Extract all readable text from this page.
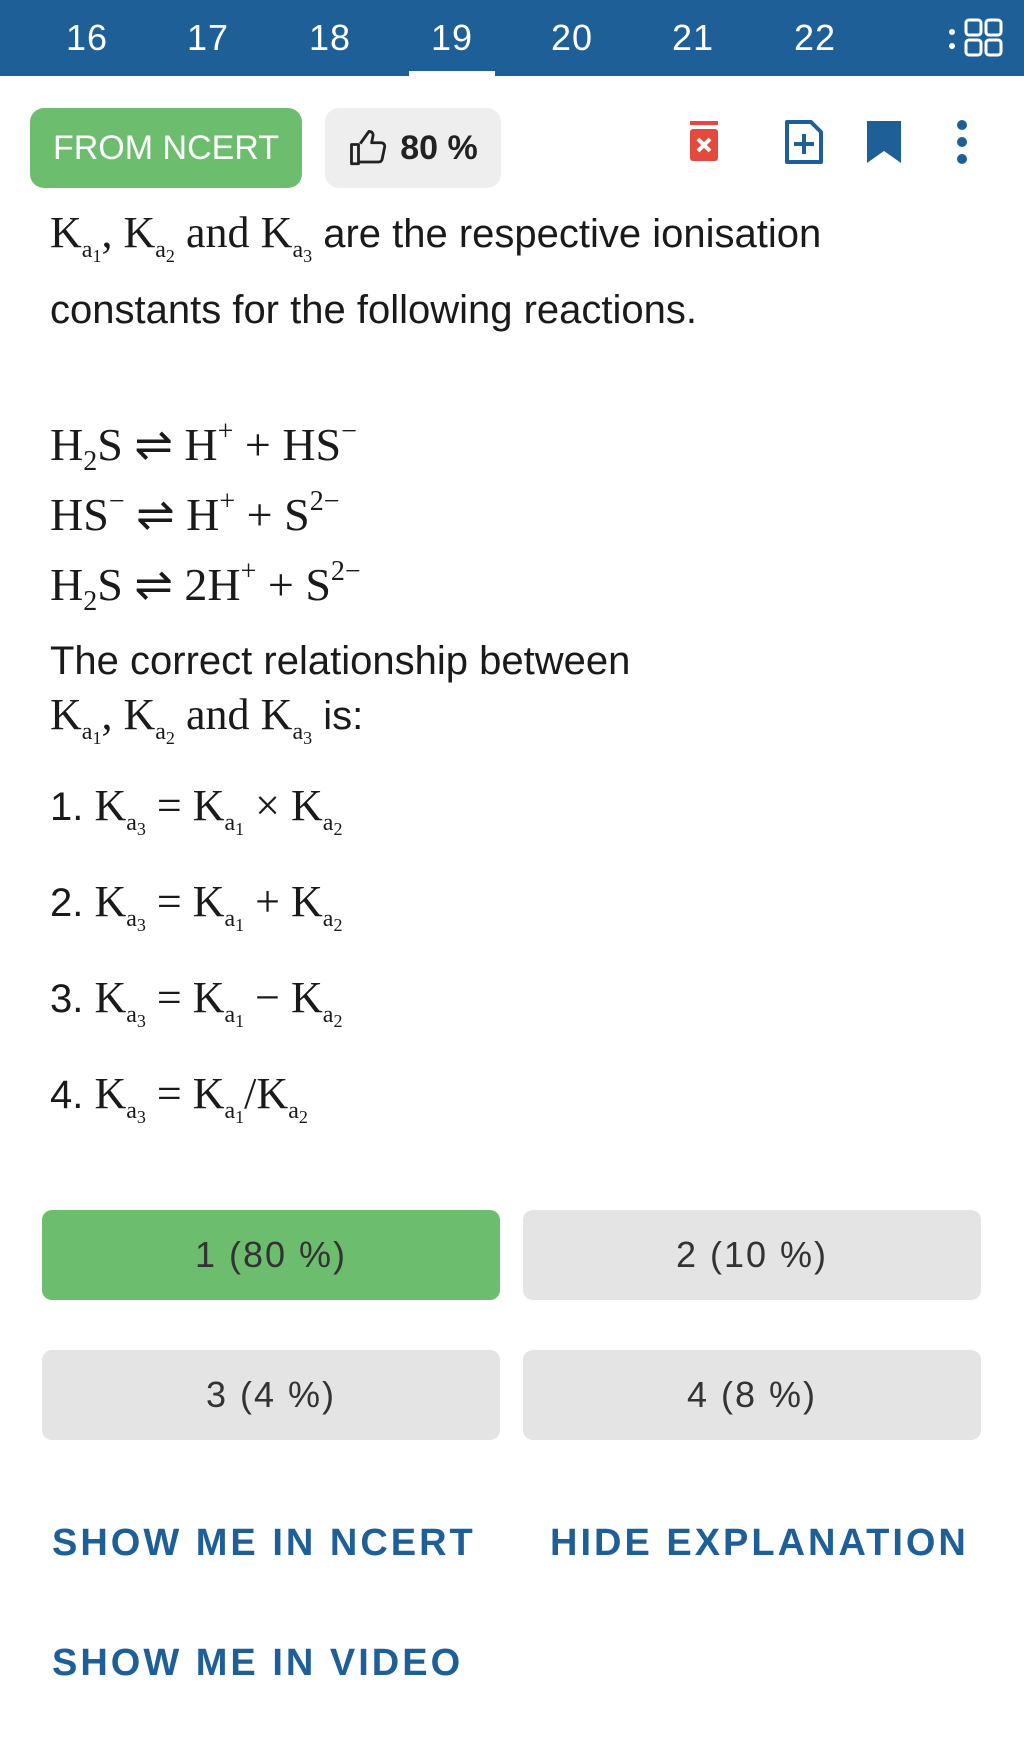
16	17	18	19	20	21	22
FROM NCERT	80 %
$K_{a_1}$, $K_{a_2}$ and $K_{a_3}$ are the respective ionisation constants for the following reactions.
$H_2S$ ⇌ H+ + HS−
HS− ⇌ $H^+ + S^{2-}$
$H_2S$ ⇌ $2H^+ + S^{2-}$
The correct relationship between
$K_{a_1}$, $K_{a_2}$ and $K_{a_3}$ is:
1. $K_{a_3} = K_{a_1} \times K_{a_2}$
2. $K_{a_3} = K_{a_1} + K_{a_2}$
3. $K_{a_3} = K_{a_1} - K_{a_2}$
4. $K_{a_3} = K_{a_1}/K_{a_2}$
1 (80 %)	2 (10 %)
3 (4 %)	4 (8 %)
SHOW ME IN NCERT HIDE EXPLANATION
SHOW ME IN VIDEO
